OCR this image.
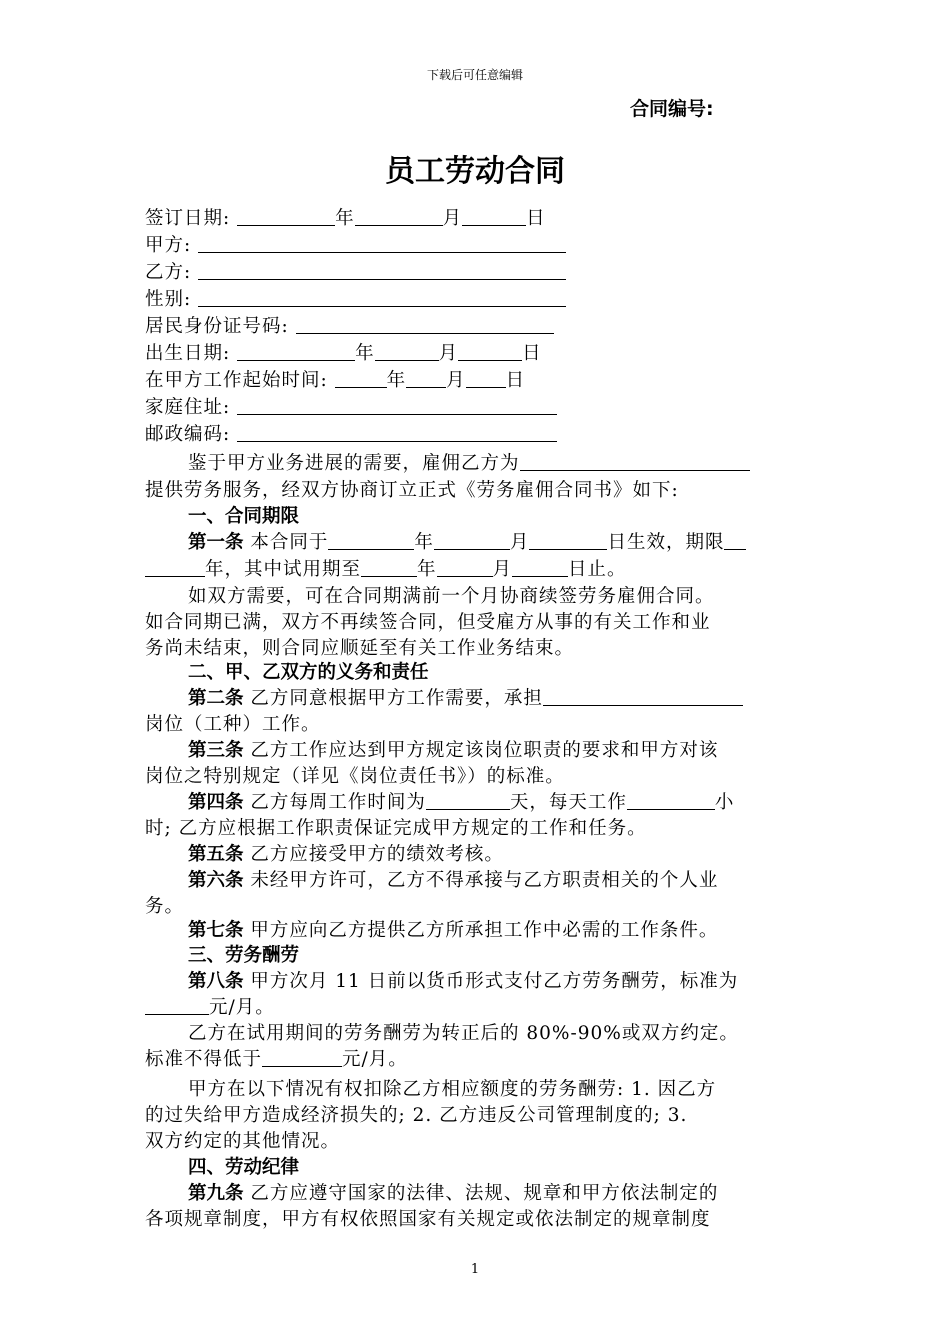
下载后可任意编辑
合同编号:
员工劳动合同
签订日期:	年	月	日
甲方:
乙方:
性别:
居民身份证号码:
出生日期:	年	月	日
在甲方工作起始时间:	年 月 日
家庭住址:
邮政编码:
鉴于甲方业务进展的需要，雇佣乙方为
提供劳务服务，经双方协商订立正式《劳务雇佣合同书》如下:
一、合同期限
第一条 本合同于	年	月	日生效，期限
年，其中试用期至	年	月	日止。
如双方需要，可在合同期满前一个月协商续签劳务雇佣合同。
如合同期已满，双方不再续签合同，但受雇方从事的有关工作和业
务尚未结束，则合同应顺延至有关工作业务结束。
二、甲、乙双方的义务和责任
第二条 乙方同意根据甲方工作需要，承担
岗位（工种）工作。
第三条 乙方工作应达到甲方规定该岗位职责的要求和甲方对该
岗位之特别规定（详见《岗位责任书》）的标准。
第四条 乙方每周工作时间为	天，每天工作	小
时; 乙方应根据工作职责保证完成甲方规定的工作和任务。
第五条 乙方应接受甲方的绩效考核。
第六条 未经甲方许可，乙方不得承接与乙方职责相关的个人业
务。
第七条 甲方应向乙方提供乙方所承担工作中必需的工作条件。
三、劳务酬劳
第八条 甲方次月 11 日前以货币形式支付乙方劳务酬劳，标准为
元/月。
乙方在试用期间的劳务酬劳为转正后的 80%-90%或双方约定。
标准不得低于	元/月。
甲方在以下情况有权扣除乙方相应额度的劳务酬劳: 1. 因乙方
的过失给甲方造成经济损失的; 2. 乙方违反公司管理制度的; 3.
双方约定的其他情况。
四、劳动纪律
第九条 乙方应遵守国家的法律、法规、规章和甲方依法制定的
各项规章制度，甲方有权依照国家有关规定或依法制定的规章制度
1
